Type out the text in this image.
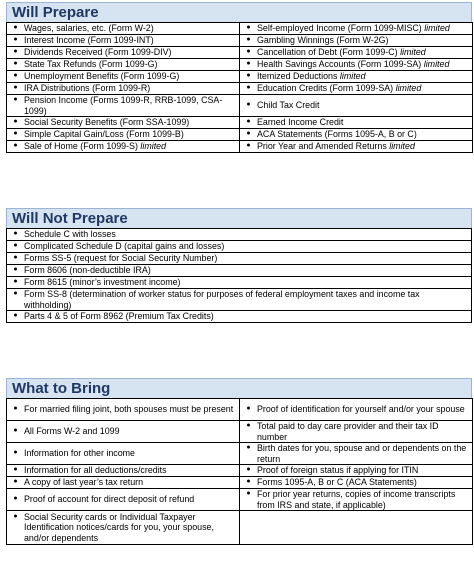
Will Prepare
● Wages, salaries, etc. (Form W-2)	● Self-employed Income (Form 1099-MISC) limited

● Interest Income (Form 1099-INT)	● Gambling Winnings (Form W-2G)

● Dividends Received (Form 1099-DIV)	● Cancellation of Debt (Form 1099-C) limited

● State Tax Refunds (Form 1099-G)	● Health Savings Accounts (Form 1099-SA) limited

● Unemployment Benefits (Form 1099-G)	● Itemized Deductions limited

● IRA Distributions (Form 1099-R)	● Education Credits (Form 1099-SA) limited

● Pension Income (Forms 1099-R, RRB-1099, CSA-1099)	● Child Tax Credit

● Social Security Benefits (Form SSA-1099)	● Earned Income Credit

● Simple Capital Gain/Loss (Form 1099-B)	● ACA Statements (Forms 1095-A, B or C)

● Sale of Home (Form 1099-S) limited	● Prior Year and Amended Returns limited
Will Not Prepare
● Schedule C with losses

● Complicated Schedule D (capital gains and losses)

● Forms SS-5 (request for Social Security Number)

● Form 8606 (non-deductible IRA)

● Form 8615 (minor’s investment income)

● Form SS-8 (determination of worker status for purposes of federal employment taxes and income tax withholding)

● Parts 4 & 5 of Form 8962 (Premium Tax Credits)
What to Bring
● For married filing joint, both spouses must be present	● Proof of identification for yourself and/or your spouse

● All Forms W-2 and 1099	● Total paid to day care provider and their tax ID number

● Information for other income	● Birth dates for you, spouse and or dependents on the return

● Information for all deductions/credits	● Proof of foreign status if applying for ITIN

● A copy of last year’s tax return	● Forms 1095-A, B or C (ACA Statements)

● Proof of account for direct deposit of refund	● For prior year returns, copies of income transcripts from IRS and state, if applicable)

● Social Security cards or Individual Taxpayer Identification notices/cards for you, your spouse, and/or dependents	
